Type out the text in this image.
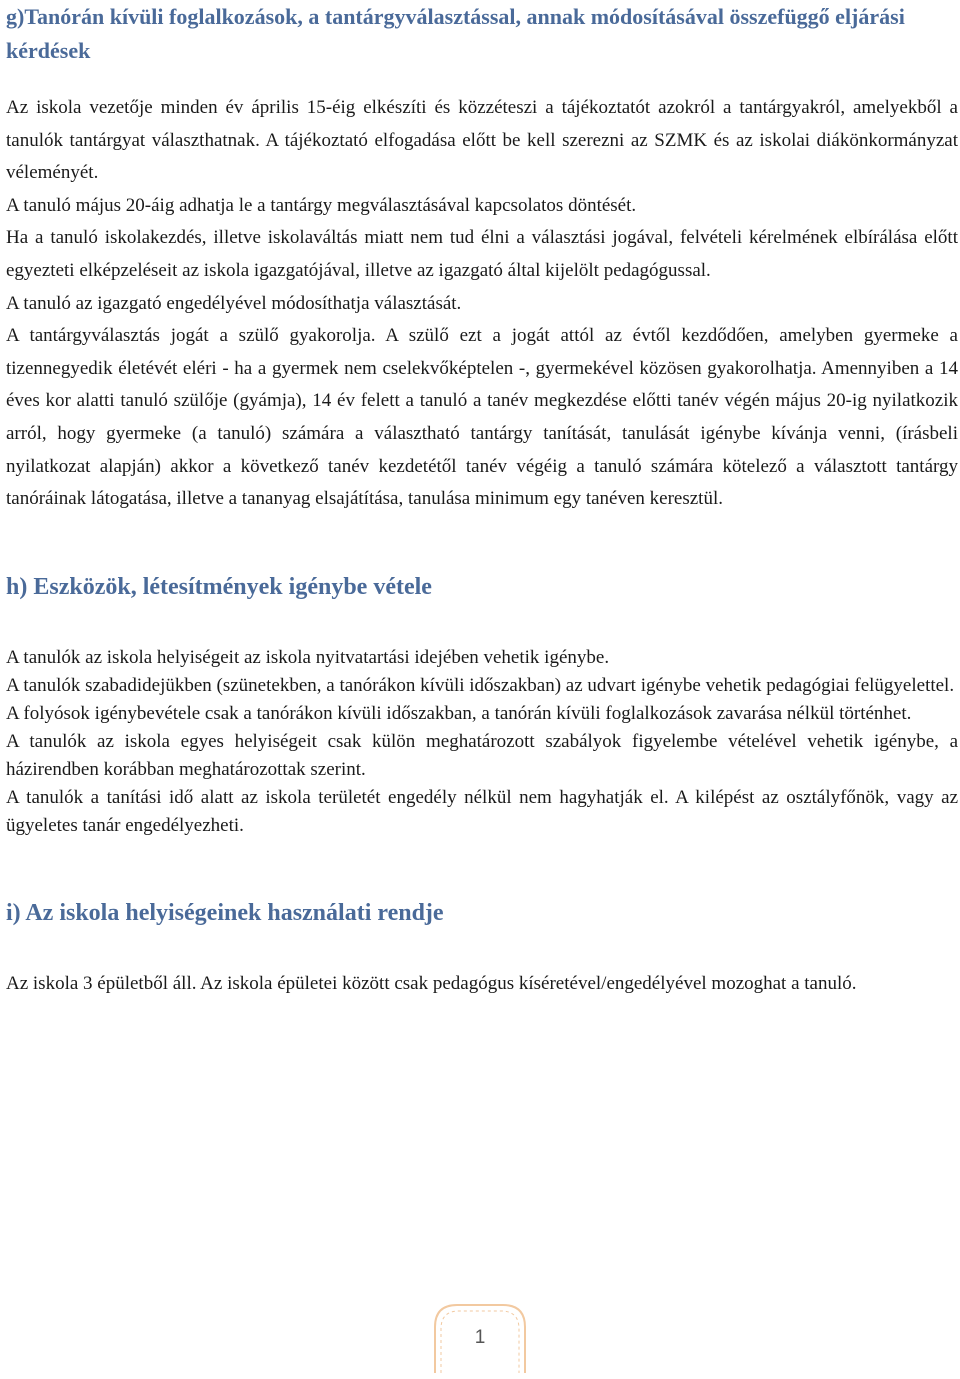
g)Tanórán kívüli foglalkozások, a tantárgyválasztással, annak módosításával összefüggő eljárási kérdések

Az iskola vezetője minden év április 15-éig elkészíti és közzéteszi a tájékoztatót azokról a tantárgyakról, amelyekből a tanulók tantárgyat választhatnak. A tájékoztató elfogadása előtt be kell szerezni az SZMK és az iskolai diákönkormányzat véleményét.

A tanuló május 20-áig adhatja le a tantárgy megválasztásával kapcsolatos döntését.

Ha a tanuló iskolakezdés, illetve iskolaváltás miatt nem tud élni a választási jogával, felvételi kérelmének elbírálása előtt egyezteti elképzeléseit az iskola igazgatójával, illetve az igazgató által kijelölt pedagógussal.

A tanuló az igazgató engedélyével módosíthatja választását.

A tantárgyválasztás jogát a szülő gyakorolja. A szülő ezt a jogát attól az évtől kezdődően, amelyben gyermeke a tizennegyedik életévét eléri - ha a gyermek nem cselekvőképtelen -, gyermekével közösen gyakorolhatja. Amennyiben a 14 éves kor alatti tanuló szülője (gyámja), 14 év felett a tanuló a tanév megkezdése előtti tanév végén május 20-ig nyilatkozik arról, hogy gyermeke (a tanuló) számára a választható tantárgy tanítását, tanulását igénybe kívánja venni, (írásbeli nyilatkozat alapján) akkor a következő tanév kezdetétől tanév végéig a tanuló számára kötelező a választott tantárgy tanóráinak látogatása, illetve a tananyag elsajátítása, tanulása minimum egy tanéven keresztül.

h) Eszközök, létesítmények igénybe vétele

A tanulók az iskola helyiségeit az iskola nyitvatartási idejében vehetik igénybe.

A tanulók szabadidejükben (szünetekben, a tanórákon kívüli időszakban) az udvart igénybe vehetik pedagógiai felügyelettel.

A folyósok igénybevétele csak a tanórákon kívüli időszakban, a tanórán kívüli foglalkozások zavarása nélkül történhet.

A tanulók az iskola egyes helyiségeit csak külön meghatározott szabályok figyelembe vételével vehetik igénybe, a házirendben korábban meghatározottak szerint.

A tanulók a tanítási idő alatt az iskola területét engedély nélkül nem hagyhatják el. A kilépést az osztályfőnök, vagy az ügyeletes tanár engedélyezheti.

i) Az iskola helyiségeinek használati rendje

Az iskola 3 épületből áll. Az iskola épületei között csak pedagógus kíséretével/engedélyével mozoghat a tanuló.

1
